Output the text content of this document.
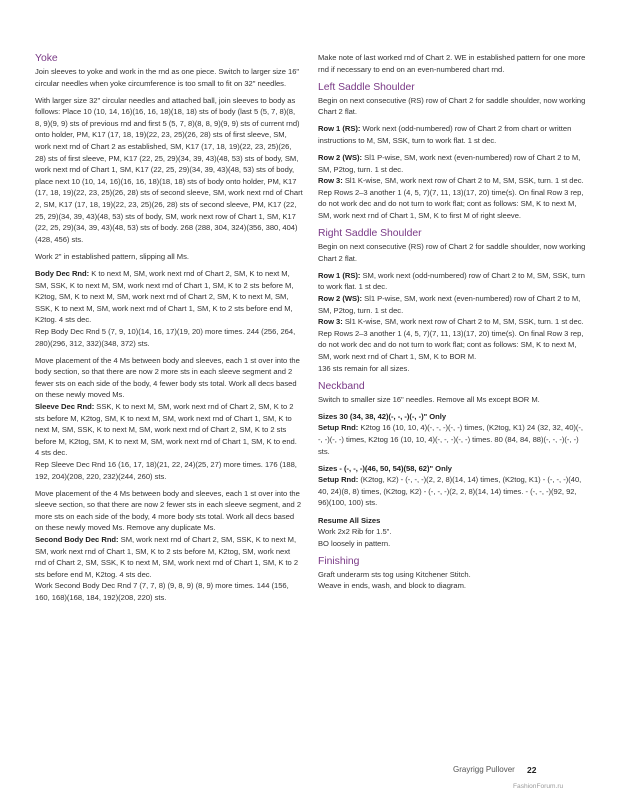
Yoke

Join sleeves to yoke and work in the rnd as one piece. Switch to larger size 16" circular needles when yoke circumference is too small to fit on 32" needles.

With larger size 32" circular needles and attached ball, join sleeves to body as follows: Place 10 (10, 14, 16)(16, 16, 18)(18, 18) sts of body (last 5 (5, 7, 8)(8, 8, 9)(9, 9) sts of previous rnd and first 5 (5, 7, 8)(8, 8, 9)(9, 9) sts of current rnd) onto holder, PM, K17 (17, 18, 19)(22, 23, 25)(26, 28) sts of first sleeve, SM, work next rnd of Chart 2 as established, SM, K17 (17, 18, 19)(22, 23, 25)(26, 28) sts of first sleeve, PM, K17 (22, 25, 29)(34, 39, 43)(48, 53) sts of body, SM, work next rnd of Chart 1, SM, K17 (22, 25, 29)(34, 39, 43)(48, 53) sts of body, place next 10 (10, 14, 16)(16, 16, 18)(18, 18) sts of body onto holder, PM, K17 (17, 18, 19)(22, 23, 25)(26, 28) sts of second sleeve, SM, work next rnd of Chart 2, SM, K17 (17, 18, 19)(22, 23, 25)(26, 28) sts of second sleeve, PM, K17 (22, 25, 29)(34, 39, 43)(48, 53) sts of body, SM, work next row of Chart 1, SM, K17 (22, 25, 29)(34, 39, 43)(48, 53) sts of body. 268 (288, 304, 324)(356, 380, 404)(428, 456) sts.

Work 2" in established pattern, slipping all Ms.

Body Dec Rnd: K to next M, SM, work next rnd of Chart 2, SM, K to next M, SM, SSK, K to next M, SM, work next rnd of Chart 1, SM, K to 2 sts before M, K2tog, SM, K to next M, SM, work next rnd of Chart 2, SM, K to next M, SM, SSK, K to next M, SM, work next rnd of Chart 1, SM, K to 2 sts before end M, K2tog. 4 sts dec.

Rep Body Dec Rnd 5 (7, 9, 10)(14, 16, 17)(19, 20) more times. 244 (256, 264, 280)(296, 312, 332)(348, 372) sts.

Move placement of the 4 Ms between body and sleeves, each 1 st over into the body section, so that there are now 2 more sts in each sleeve segment and 2 fewer sts on each side of the body, 4 fewer body sts total. Work all decs based on these newly moved Ms.

Sleeve Dec Rnd: SSK, K to next M, SM, work next rnd of Chart 2, SM, K to 2 sts before M, K2tog, SM, K to next M, SM, work next rnd of Chart 1, SM, K to next M, SM, SSK, K to next M, SM, work next rnd of Chart 2, SM, K to 2 sts before M, K2tog, SM, K to next M, SM, work next rnd of Chart 1, SM, K to end. 4 sts dec.

Rep Sleeve Dec Rnd 16 (16, 17, 18)(21, 22, 24)(25, 27) more times. 176 (188, 192, 204)(208, 220, 232)(244, 260) sts.

Move placement of the 4 Ms between body and sleeves, each 1 st over into the sleeve section, so that there are now 2 fewer sts in each sleeve segment, and 2 more sts on each side of the body, 4 more body sts total. Work all decs based on these newly moved Ms. Remove any duplicate Ms.

Second Body Dec Rnd: SM, work next rnd of Chart 2, SM, SSK, K to next M, SM, work next rnd of Chart 1, SM, K to 2 sts before M, K2tog, SM, work next rnd of Chart 2, SM, SSK, K to next M, SM, work next rnd of Chart 1, SM, K to 2 sts before end M, K2tog. 4 sts dec.

Work Second Body Dec Rnd 7 (7, 7, 8) (9, 8, 9) (8, 9) more times. 144 (156, 160, 168)(168, 184, 192)(208, 220) sts.

Make note of last worked rnd of Chart 2. WE in established pattern for one more rnd if necessary to end on an even-numbered chart rnd.

Left Saddle Shoulder

Begin on next consecutive (RS) row of Chart 2 for saddle shoulder, now working Chart 2 flat.

Row 1 (RS): Work next (odd-numbered) row of Chart 2 from chart or written instructions to M, SM, SSK, turn to work flat. 1 st dec.

Row 2 (WS): Sl1 P-wise, SM, work next (even-numbered) row of Chart 2 to M, SM, P2tog, turn. 1 st dec.

Row 3: Sl1 K-wise, SM, work next row of Chart 2 to M, SM, SSK, turn. 1 st dec.

Rep Rows 2–3 another 1 (4, 5, 7)(7, 11, 13)(17, 20) time(s). On final Row 3 rep, do not work dec and do not turn to work flat; cont as follows: SM, K to next M, SM, work next rnd of Chart 1, SM, K to first M of right sleeve.

Right Saddle Shoulder

Begin on next consecutive (RS) row of Chart 2 for saddle shoulder, now working Chart 2 flat.

Row 1 (RS): SM, work next (odd-numbered) row of Chart 2 to M, SM, SSK, turn to work flat. 1 st dec.

Row 2 (WS): Sl1 P-wise, SM, work next (even-numbered) row of Chart 2 to M, SM, P2tog, turn. 1 st dec.

Row 3: Sl1 K-wise, SM, work next row of Chart 2 to M, SM, SSK, turn. 1 st dec.

Rep Rows 2–3 another 1 (4, 5, 7)(7, 11, 13)(17, 20) time(s). On final Row 3 rep, do not work dec and do not turn to work flat; cont as follows: SM, K to next M, SM, work next rnd of Chart 1, SM, K to BOR M.

136 sts remain for all sizes.

Neckband

Switch to smaller size 16" needles. Remove all Ms except BOR M.

Sizes 30 (34, 38, 42)(-, -, -)(-, -)" Only

Setup Rnd: K2tog 16 (10, 10, 4)(-, -, -)(-, -) times, (K2tog, K1) 24 (32, 32, 40)(-, -, -)(-, -) times, K2tog 16 (10, 10, 4)(-, -, -)(-, -) times. 80 (84, 84, 88)(-, -, -)(-, -) sts.

Sizes - (-, -, -)(46, 50, 54)(58, 62)" Only

Setup Rnd: (K2tog, K2) - (-, -, -)(2, 2, 8)(14, 14) times, (K2tog, K1) - (-, -, -)(40, 40, 24)(8, 8) times, (K2tog, K2) - (-, -, -)(2, 2, 8)(14, 14) times. - (-, -, -)(92, 92, 96)(100, 100) sts.

Resume All Sizes

Work 2x2 Rib for 1.5".

BO loosely in pattern.

Finishing

Graft underarm sts tog using Kitchener Stitch.

Weave in ends, wash, and block to diagram.

Grayrigg Pullover 22
FashionForum.ru
